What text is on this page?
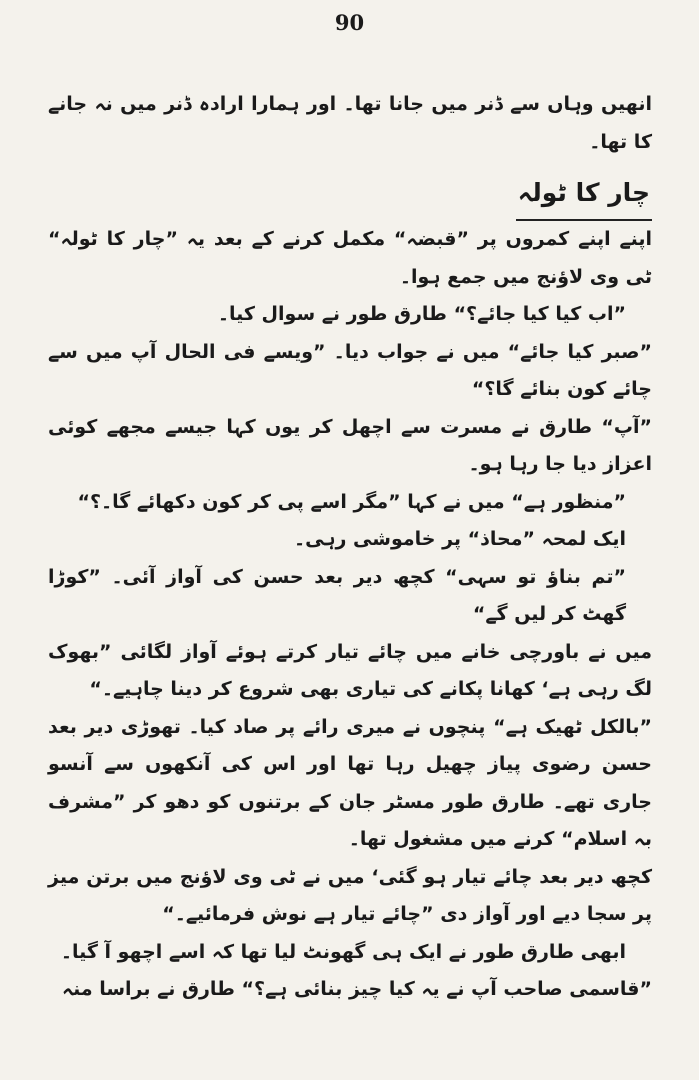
90

انھیں وہاں سے ڈنر میں جانا تھا۔ اور ہمارا ارادہ ڈنر میں نہ جانے کا تھا۔

چار کا ٹولہ

اپنے اپنے کمروں پر ”قبضہ“ مکمل کرنے کے بعد یہ ”چار کا ٹولہ“ ٹی وی لاؤنج میں جمع ہوا۔

”اب کیا کیا جائے؟“ طارق طور نے سوال کیا۔

”صبر کیا جائے“ میں نے جواب دیا۔ ”ویسے فی الحال آپ میں سے چائے کون بنائے گا؟“

”آپ“ طارق نے مسرت سے اچھل کر یوں کہا جیسے مجھے کوئی اعزاز دیا جا رہا ہو۔

”منظور ہے“ میں نے کہا ”مگر اسے پی کر کون دکھائے گا۔؟“

ایک لمحہ ”محاذ“ پر خاموشی رہی۔

”تم بناؤ تو سہی“ کچھ دیر بعد حسن کی آواز آئی۔ ”کوڑا گھٹ کر لیں گے“

میں نے باورچی خانے میں چائے تیار کرتے ہوئے آواز لگائی ”بھوک لگ رہی ہے‘ کھانا پکانے کی تیاری بھی شروع کر دینا چاہیے۔“

”بالکل ٹھیک ہے“ پنچوں نے میری رائے پر صاد کیا۔ تھوڑی دیر بعد حسن رضوی پیاز چھیل رہا تھا اور اس کی آنکھوں سے آنسو جاری تھے۔ طارق طور مسٹر جان کے برتنوں کو دھو کر ”مشرف بہ اسلام“ کرنے میں مشغول تھا۔

کچھ دیر بعد چائے تیار ہو گئی‘ میں نے ٹی وی لاؤنج میں برتن میز پر سجا دیے اور آواز دی ”چائے تیار ہے نوش فرمائیے۔“

ابھی طارق طور نے ایک ہی گھونٹ لیا تھا کہ اسے اچھو آ گیا۔

”قاسمی صاحب آپ نے یہ کیا چیز بنائی ہے؟“ طارق نے براسا منہ
